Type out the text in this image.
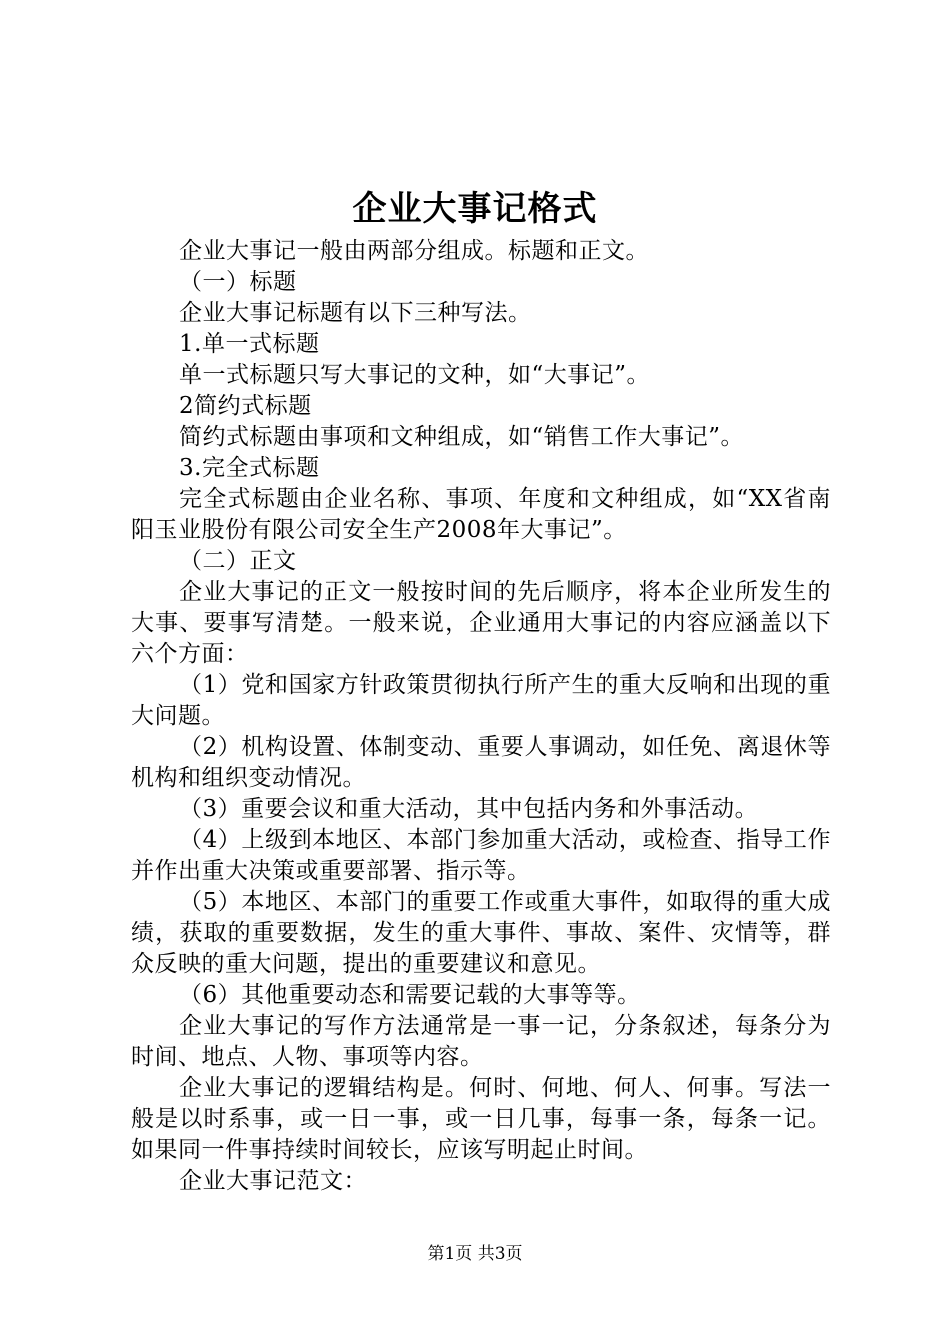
企业大事记格式

企业大事记一般由两部分组成。标题和正文。

（一）标题

企业大事记标题有以下三种写法。

1.单一式标题

单一式标题只写大事记的文种，如“大事记”。

2简约式标题

简约式标题由事项和文种组成，如“销售工作大事记”。

3.完全式标题

完全式标题由企业名称、事项、年度和文种组成，如“XX省南阳玉业股份有限公司安全生产2008年大事记”。

（二）正文

企业大事记的正文一般按时间的先后顺序，将本企业所发生的大事、要事写清楚。一般来说，企业通用大事记的内容应涵盖以下六个方面：

（1）党和国家方针政策贯彻执行所产生的重大反响和出现的重大问题。

（2）机构设置、体制变动、重要人事调动，如任免、离退休等机构和组织变动情况。

（3）重要会议和重大活动，其中包括内务和外事活动。

（4）上级到本地区、本部门参加重大活动，或检查、指导工作并作出重大决策或重要部署、指示等。

（5）本地区、本部门的重要工作或重大事件，如取得的重大成绩，获取的重要数据，发生的重大事件、事故、案件、灾情等，群众反映的重大问题，提出的重要建议和意见。

（6）其他重要动态和需要记载的大事等等。

企业大事记的写作方法通常是一事一记，分条叙述，每条分为时间、地点、人物、事项等内容。

企业大事记的逻辑结构是。何时、何地、何人、何事。写法一般是以时系事，或一日一事，或一日几事，每事一条，每条一记。如果同一件事持续时间较长，应该写明起止时间。

企业大事记范文：

第1页 共3页
